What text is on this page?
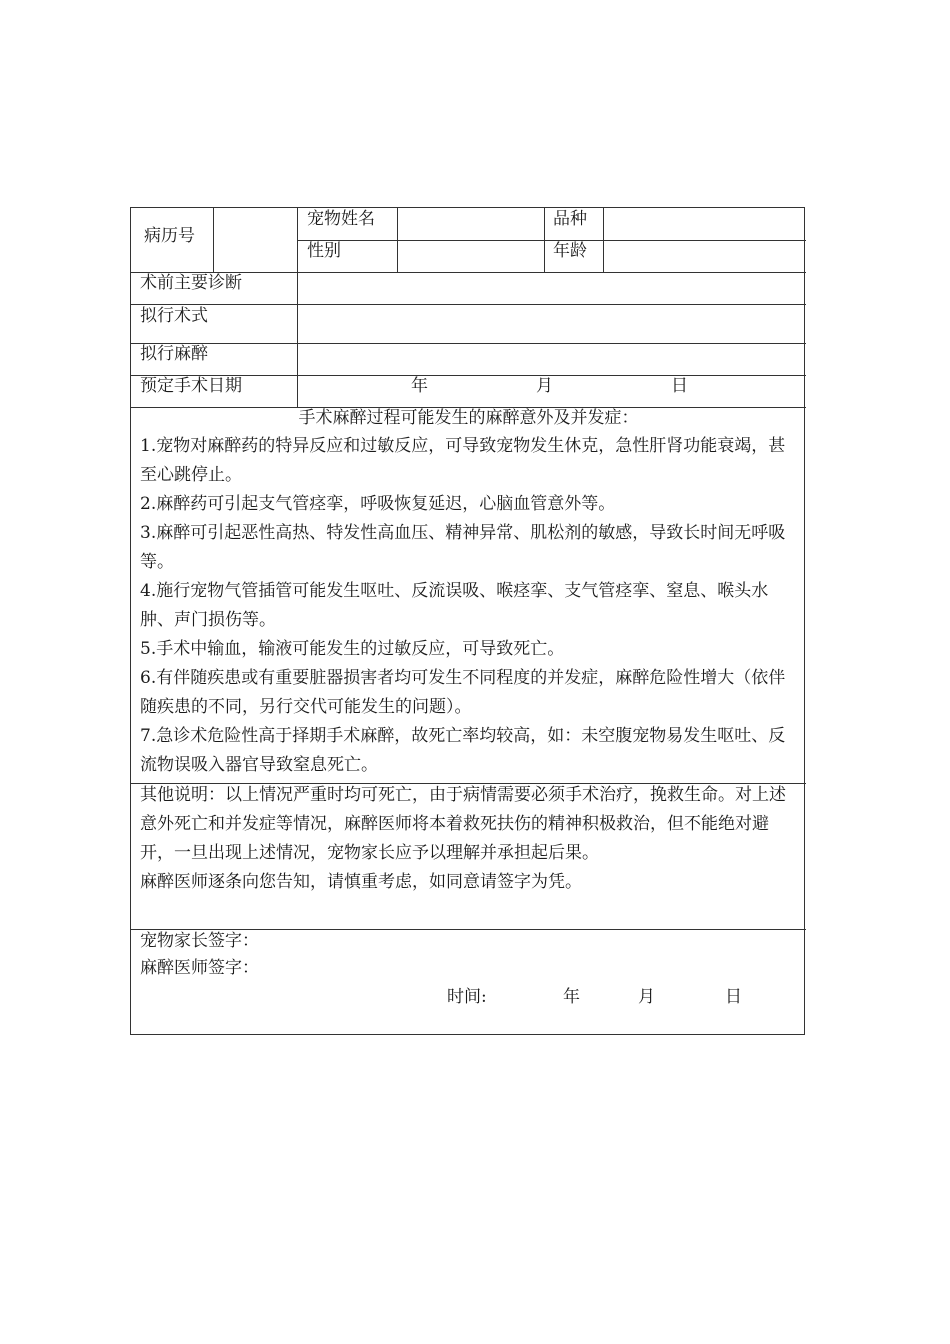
病历号
宠物姓名	品种
性别	年龄
术前主要诊断
拟行术式
拟行麻醉
预定手术日期	年	月	日
手术麻醉过程可能发生的麻醉意外及并发症：

1.宠物对麻醉药的特异反应和过敏反应，可导致宠物发生休克，急性肝肾功能衰竭，甚至心跳停止。

2.麻醉药可引起支气管痉挛，呼吸恢复延迟，心脑血管意外等。

3.麻醉可引起恶性高热、特发性高血压、精神异常、肌松剂的敏感，导致长时间无呼吸等。

4.施行宠物气管插管可能发生呕吐、反流误吸、喉痉挛、支气管痉挛、窒息、喉头水肿、声门损伤等。

5.手术中输血，输液可能发生的过敏反应，可导致死亡。

6.有伴随疾患或有重要脏器损害者均可发生不同程度的并发症，麻醉危险性增大（依伴随疾患的不同，另行交代可能发生的问题）。

7.急诊术危险性高于择期手术麻醉，故死亡率均较高，如：未空腹宠物易发生呕吐、反流物误吸入器官导致窒息死亡。

其他说明：以上情况严重时均可死亡，由于病情需要必须手术治疗，挽救生命。对上述意外死亡和并发症等情况，麻醉医师将本着救死扶伤的精神积极救治，但不能绝对避开，一旦出现上述情况，宠物家长应予以理解并承担起后果。

麻醉医师逐条向您告知，请慎重考虑，如同意请签字为凭。

宠物家长签字：
麻醉医师签字：
时间:	年	月	日
